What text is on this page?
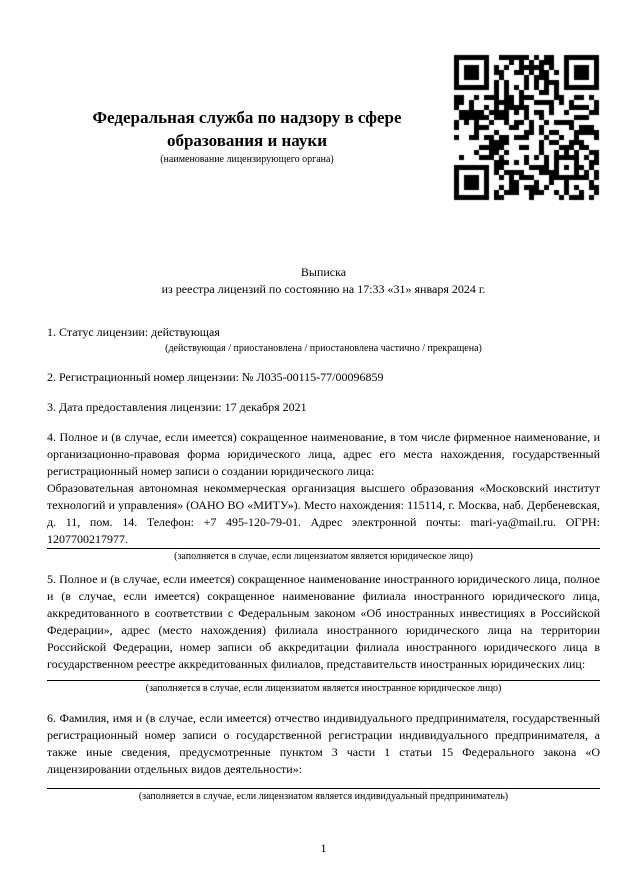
Федеральная служба по надзору в сфере образования и науки
(наименование лицензирующего органа)
Выписка
из реестра лицензий по состоянию на 17:33 «31» января 2024 г.
1. Статус лицензии: действующая
(действующая / приостановлена / приостановлена частично / прекращена)
2. Регистрационный номер лицензии: № Л035-00115-77/00096859
3. Дата предоставления лицензии: 17 декабря 2021
4. Полное и (в случае, если имеется) сокращенное наименование, в том числе фирменное наименование, и организационно-правовая форма юридического лица, адрес его места нахождения, государственный регистрационный номер записи о создании юридического лица:
Образовательная автономная некоммерческая организация высшего образования «Московский институт технологий и управления» (ОАНО ВО «МИТУ»). Место нахождения: 115114, г. Москва, наб. Дербеневская, д. 11, пом. 14. Телефон: +7 495-120-79-01. Адрес электронной почты: mari-ya@mail.ru. ОГРН: 1207700217977.
(заполняется в случае, если лицензиатом является юридическое лицо)
5. Полное и (в случае, если имеется) сокращенное наименование иностранного юридического лица, полное и (в случае, если имеется) сокращенное наименование филиала иностранного юридического лица, аккредитованного в соответствии с Федеральным законом «Об иностранных инвестициях в Российской Федерации», адрес (место нахождения) филиала иностранного юридического лица на территории Российской Федерации, номер записи об аккредитации филиала иностранного юридического лица в государственном реестре аккредитованных филиалов, представительств иностранных юридических лиц:
(заполняется в случае, если лицензиатом является иностранное юридическое лицо)
6. Фамилия, имя и (в случае, если имеется) отчество индивидуального предпринимателя, государственный регистрационный номер записи о государственной регистрации индивидуального предпринимателя, а также иные сведения, предусмотренные пунктом 3 части 1 статьи 15 Федерального закона «О лицензировании отдельных видов деятельности»:
(заполняется в случае, если лицензиатом является индивидуальный предприниматель)
1
